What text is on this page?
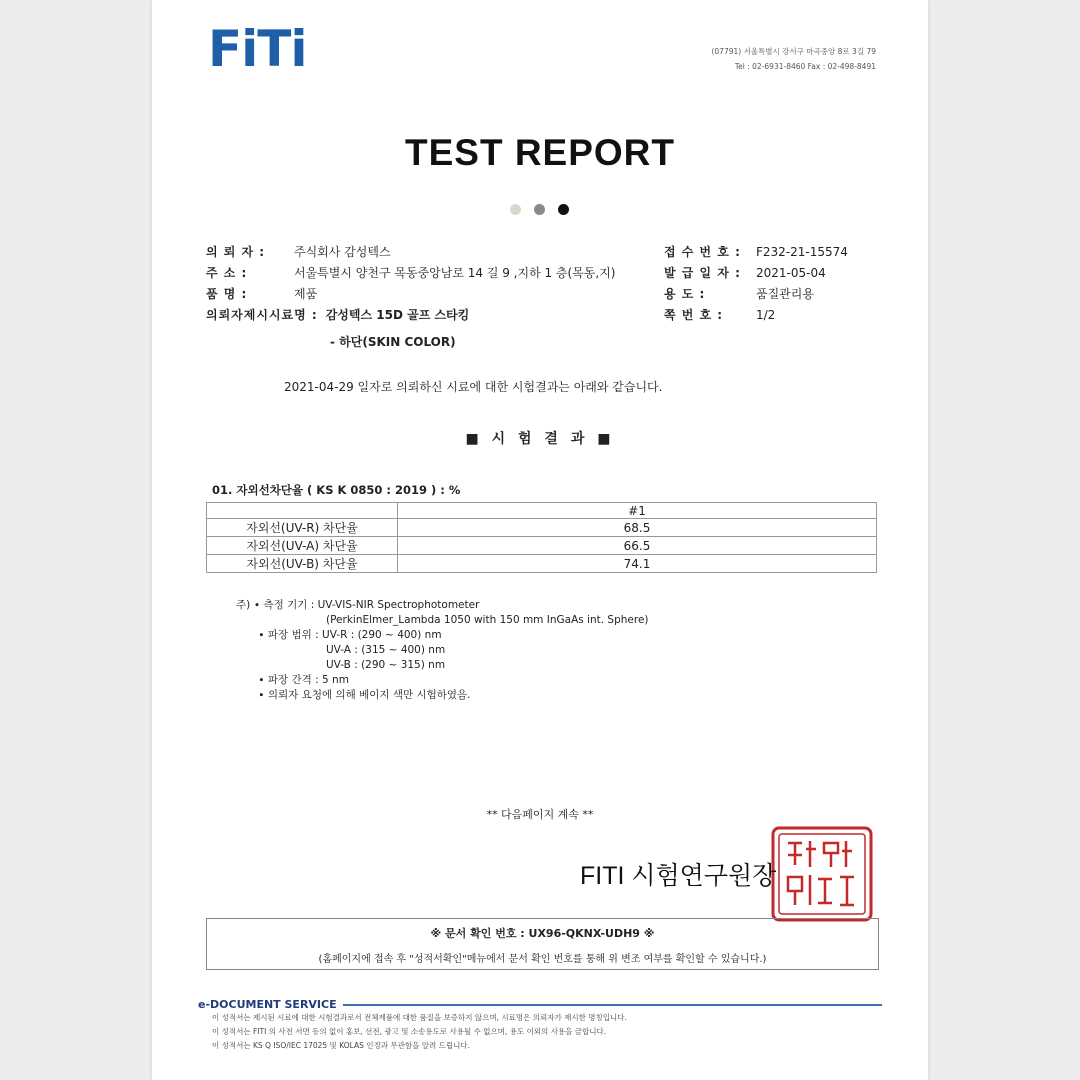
FiTi	(07791) 서울특별시 강서구 마곡중앙 8로 3길 79
Tel : 02-6931-8460 Fax : 02-498-8491
TEST REPORT
의 뢰 자 :	주식회사 감성텍스
주 소 :	서울특별시 양천구 목동중앙남로 14 길 9 ,지하 1 층(목동,지)
품 명 :	제품
의뢰자제시시료명 : 감성텍스 15D 골프 스타킹
- 하단(SKIN COLOR)
접 수 번 호 :	F232-21-15574
발 급 일 자 :	2021-05-04
용 도 :	품질관리용
쪽 번 호 :	1/2
2021-04-29 일자로 의뢰하신 시료에 대한 시험결과는 아래와 같습니다.
■ 시 험 결 과 ■
01. 자외선차단율 ( KS K 0850 : 2019 ) : %
	#1
자외선(UV-R) 차단율	68.5
자외선(UV-A) 차단율	66.5
자외선(UV-B) 차단율	74.1
주) ∙ 측정 기기 : UV-VIS-NIR Spectrophotometer
(PerkinElmer_Lambda 1050 with 150 mm InGaAs int. Sphere)
∙ 파장 범위 : UV-R : (290 ~ 400) nm
UV-A : (315 ~ 400) nm
UV-B : (290 ~ 315) nm
∙ 파장 간격 : 5 nm
∙ 의뢰자 요청에 의해 베이지 색만 시험하였음.
** 다음페이지 계속 **
FITI 시험연구원장
※ 문서 확인 번호 : UX96-QKNX-UDH9 ※
(홈페이지에 접속 후 "성적서확인"메뉴에서 문서 확인 번호를 통해 위 변조 여부를 확인할 수 있습니다.)
e-DOCUMENT SERVICE
이 성적서는 제시된 시료에 대한 시험결과로서 전체제품에 대한 품질을 보증하지 않으며, 시료명은 의뢰자가 제시한 명칭입니다.
이 성적서는 FITI 의 사전 서면 동의 없이 홍보, 선전, 광고 및 소송용도로 사용될 수 없으며, 용도 이외의 사용을 금합니다.
이 성적서는 KS Q ISO/IEC 17025 및 KOLAS 인정과 무관함을 알려 드립니다.
